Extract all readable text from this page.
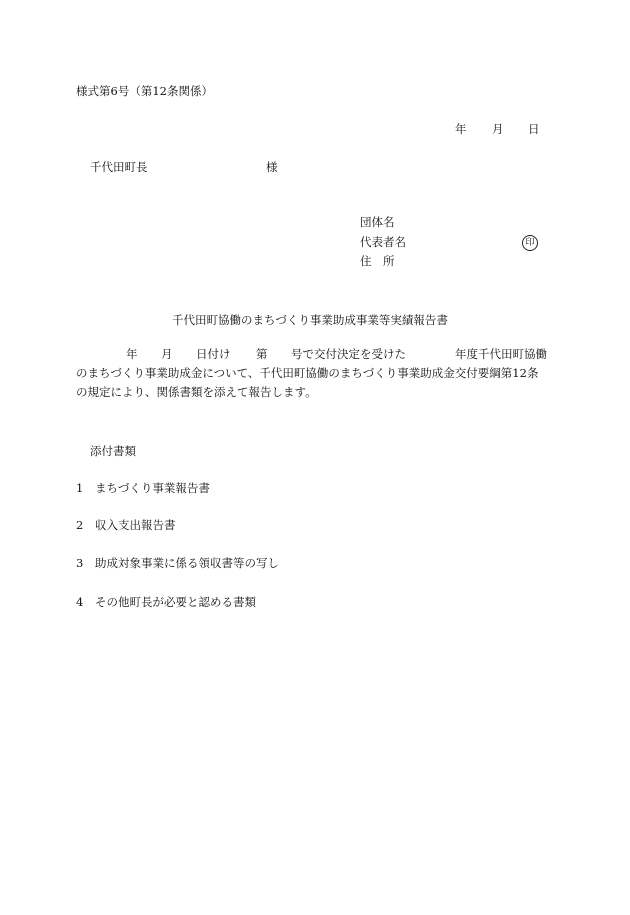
様式第6号（第12条関係）
年 月 日
千代田町長	様
団体名
代表者名	印
住　所
千代田町協働のまちづくり事業助成事業等実績報告書
年 月 日付け 第 号で交付決定を受けた	年度千代田町協働
のまちづくり事業助成金について、千代田町協働のまちづくり事業助成金交付要綱第12条
の規定により、関係書類を添えて報告します。
添付書類
1 まちづくり事業報告書
2 収入支出報告書
3 助成対象事業に係る領収書等の写し
4 その他町長が必要と認める書類
